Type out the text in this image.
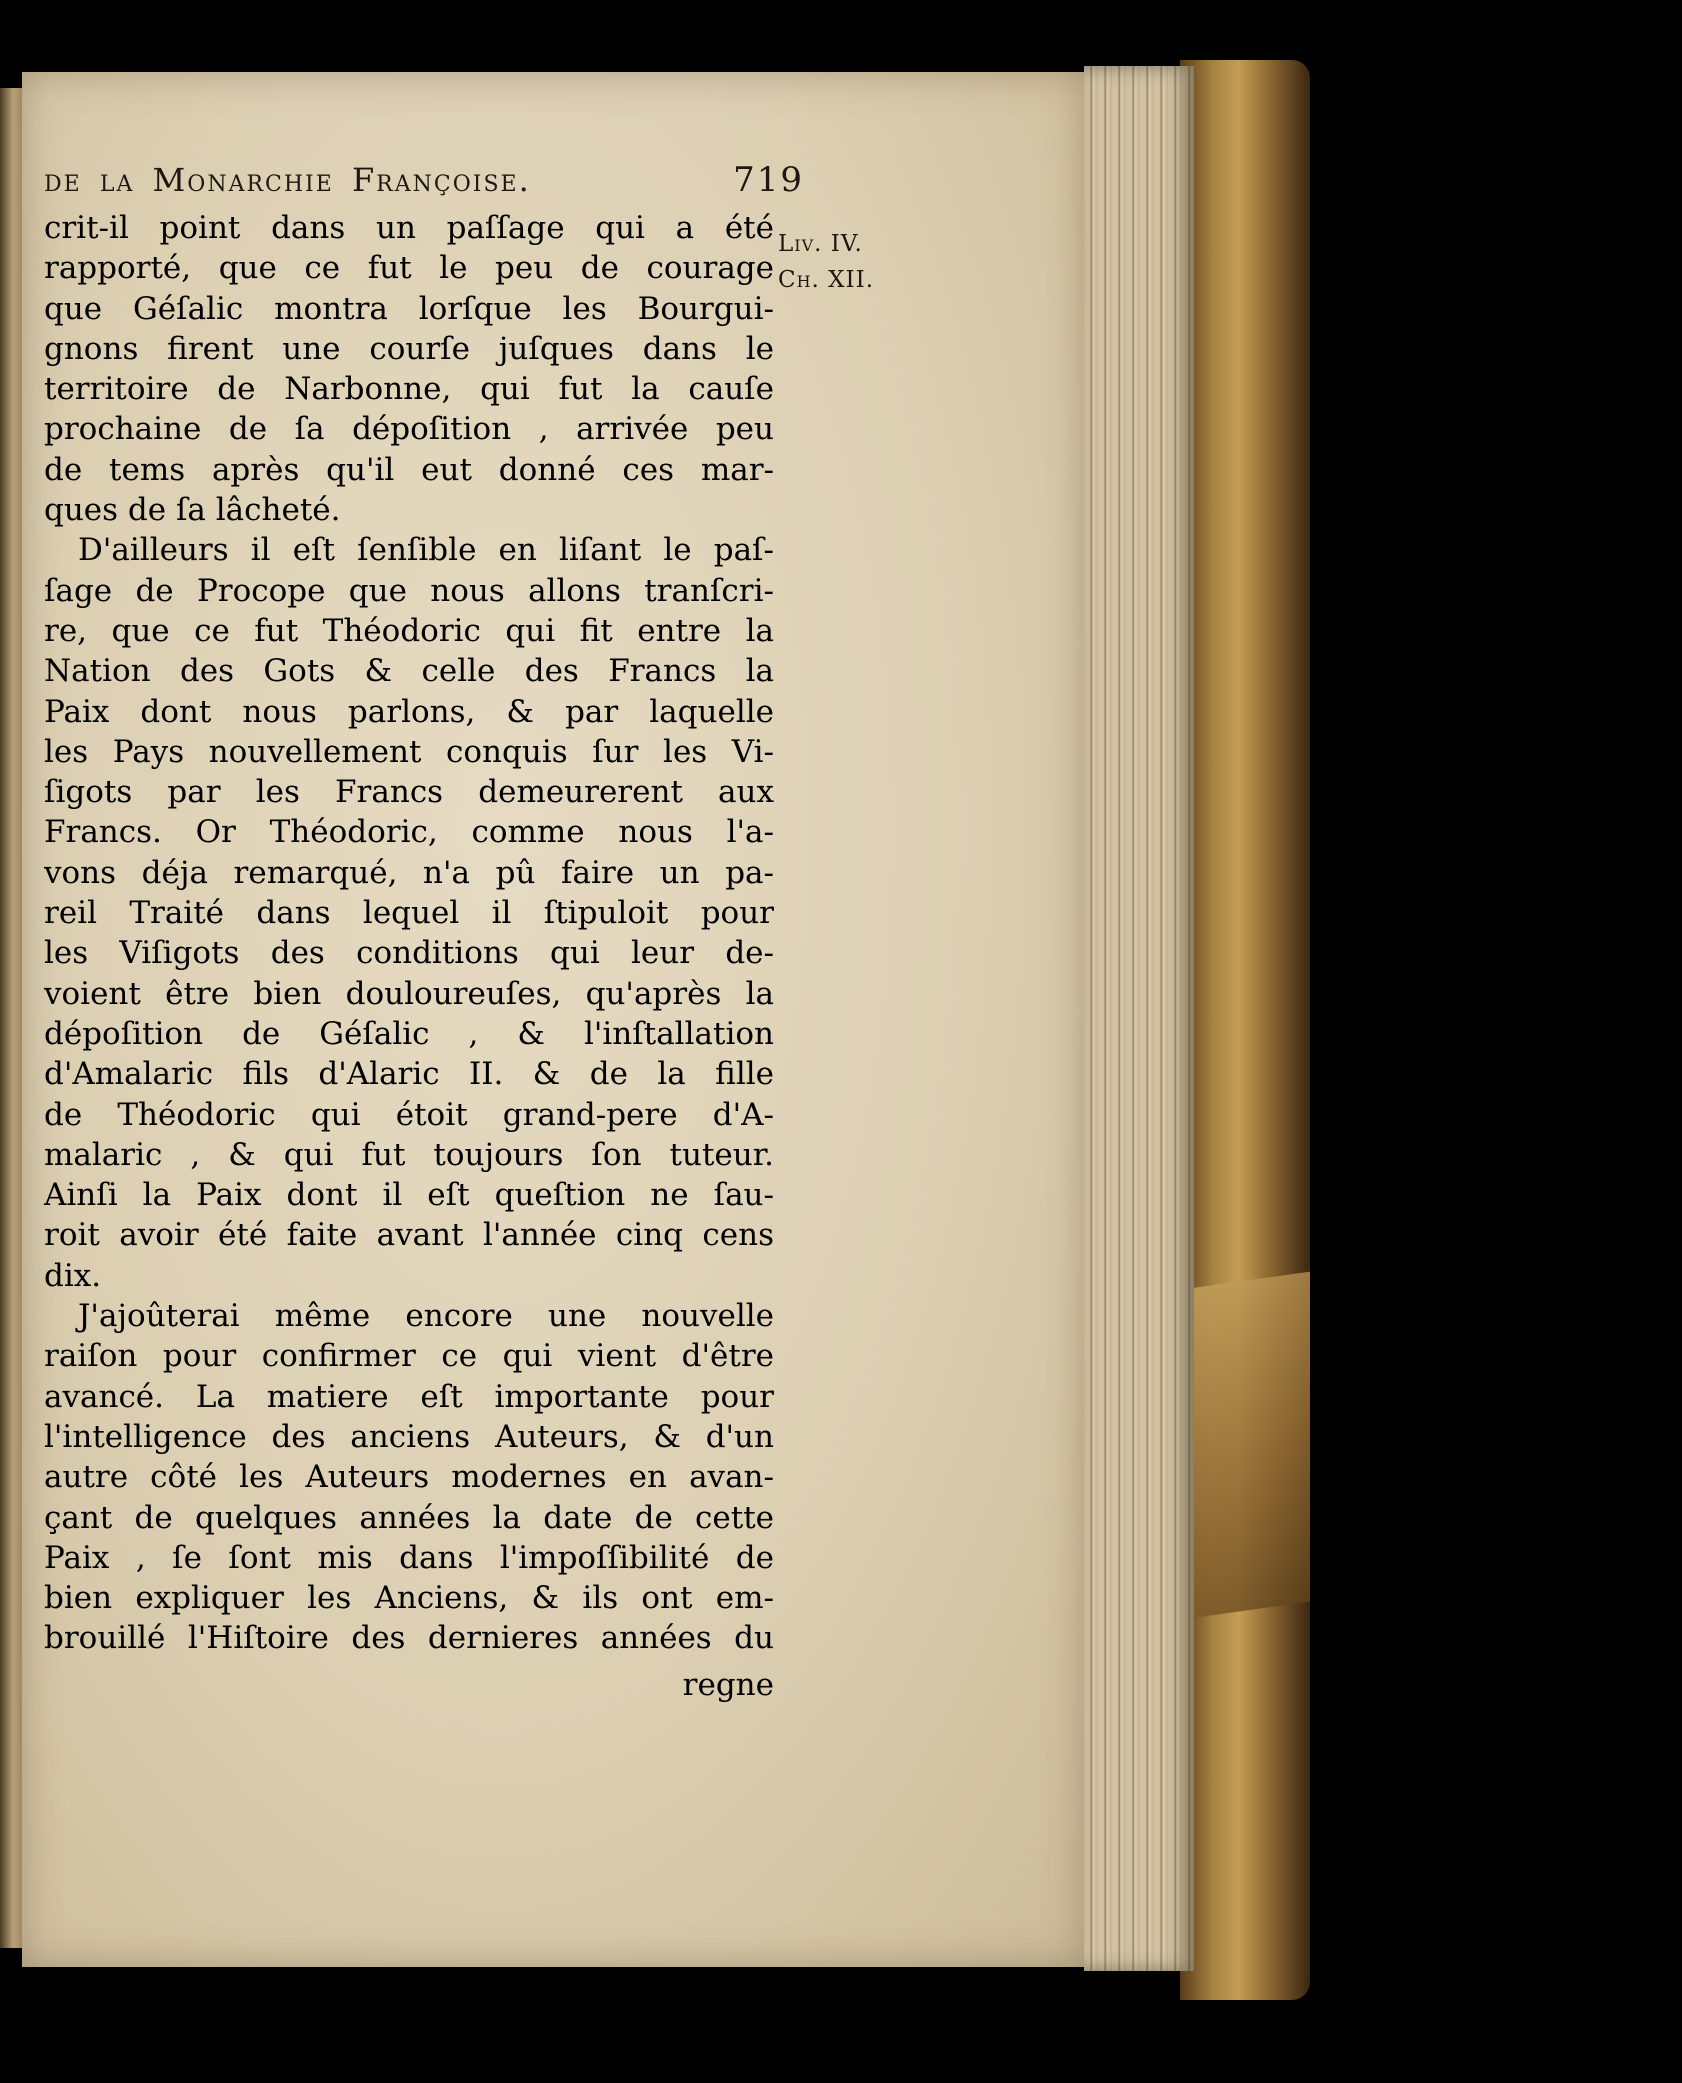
de la Monarchie Françoise.	719
Liv. IV.
Ch. XII.
crit-il point dans un paſſage qui a été
rapporté, que ce fut le peu de courage
que Géſalic montra lorſque les Bourgui-
gnons firent une courſe juſques dans le
territoire de Narbonne, qui fut la cauſe
prochaine de ſa dépoſition , arrivée peu
de tems après qu'il eut donné ces mar-
ques de ſa lâcheté.
D'ailleurs il eſt ſenſible en liſant le paſ-
ſage de Procope que nous allons tranſcri-
re, que ce fut Théodoric qui fit entre la
Nation des Gots & celle des Francs la
Paix dont nous parlons, & par laquelle
les Pays nouvellement conquis ſur les Vi-
ſigots par les Francs demeurerent aux
Francs. Or Théodoric, comme nous l'a-
vons déja remarqué, n'a pû faire un pa-
reil Traité dans lequel il ſtipuloit pour
les Viſigots des conditions qui leur de-
voient être bien douloureuſes, qu'après la
dépoſition de Géſalic , & l'inſtallation
d'Amalaric fils d'Alaric II. & de la fille
de Théodoric qui étoit grand-pere d'A-
malaric , & qui fut toujours ſon tuteur.
Ainſi la Paix dont il eſt queſtion ne ſau-
roit avoir été faite avant l'année cinq cens
dix.
J'ajoûterai même encore une nouvelle
raiſon pour confirmer ce qui vient d'être
avancé. La matiere eſt importante pour
l'intelligence des anciens Auteurs, & d'un
autre côté les Auteurs modernes en avan-
çant de quelques années la date de cette
Paix , ſe ſont mis dans l'impoſſibilité de
bien expliquer les Anciens, & ils ont em-
brouillé l'Hiſtoire des dernieres années du
regne
